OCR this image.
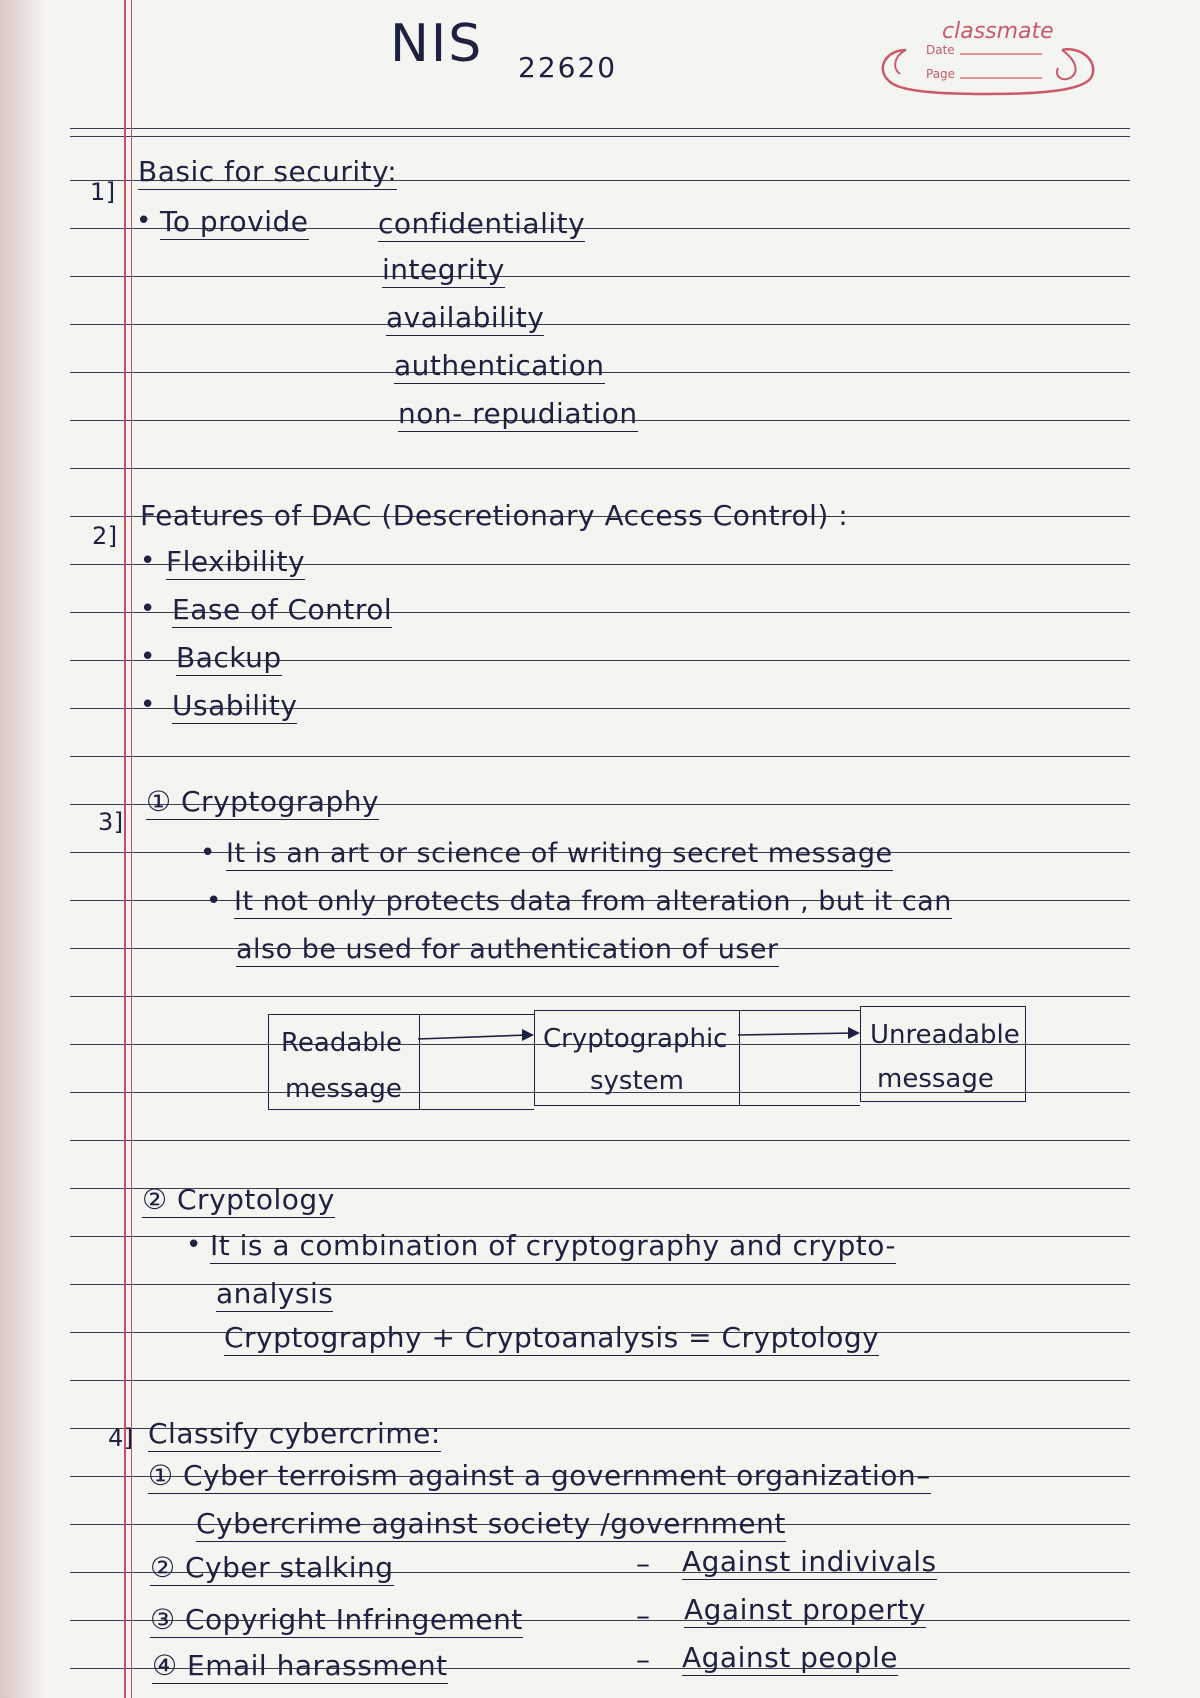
NIS 22620
classmate
Date
Page
1]
Basic for security:
• To provide confidentiality
integrity
availability
authentication
non- repudiation
2]
Features of DAC (Descretionary Access Control) :
• Flexibility
• Ease of Control
• Backup
• Usability
3]
① Cryptography
• It is an art or science of writing secret message
• It not only protects data from alteration , but it can
also be used for authentication of user
Readable
message
Cryptographic
system
Unreadable
message
② Cryptology
• It is a combination of cryptography and crypto-
analysis
Cryptography + Cryptoanalysis = Cryptology
4] Classify cybercrime:
① Cyber terroism against a government organization–
Cybercrime against society /government
② Cyber stalking	– Against indivivals
③ Copyright Infringement	– Against property
④ Email harassment	– Against people
